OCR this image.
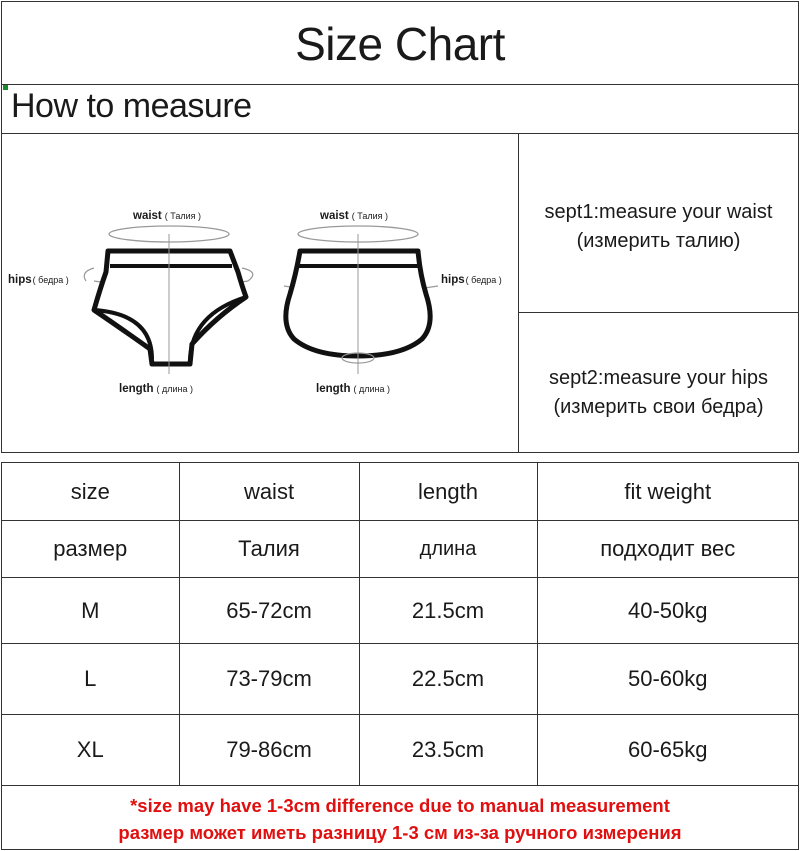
Size Chart
How to measure
waist ( Талия )
hips( бедра )
length ( длина )
waist ( Талия )
hips( бедра )
length ( длина )
sept1:measure your waist
(измерить талию)
sept2:measure your hips
(измерить свои бедра)
size	waist	length	fit weight
размер	Талия	длина	подходит вес
M	65-72cm	21.5cm	40-50kg
L	73-79cm	22.5cm	50-60kg
XL	79-86cm	23.5cm	60-65kg

*size may have 1-3cm difference due to manual measurement
размер может иметь разницу 1-3 см из-за ручного измерения			
